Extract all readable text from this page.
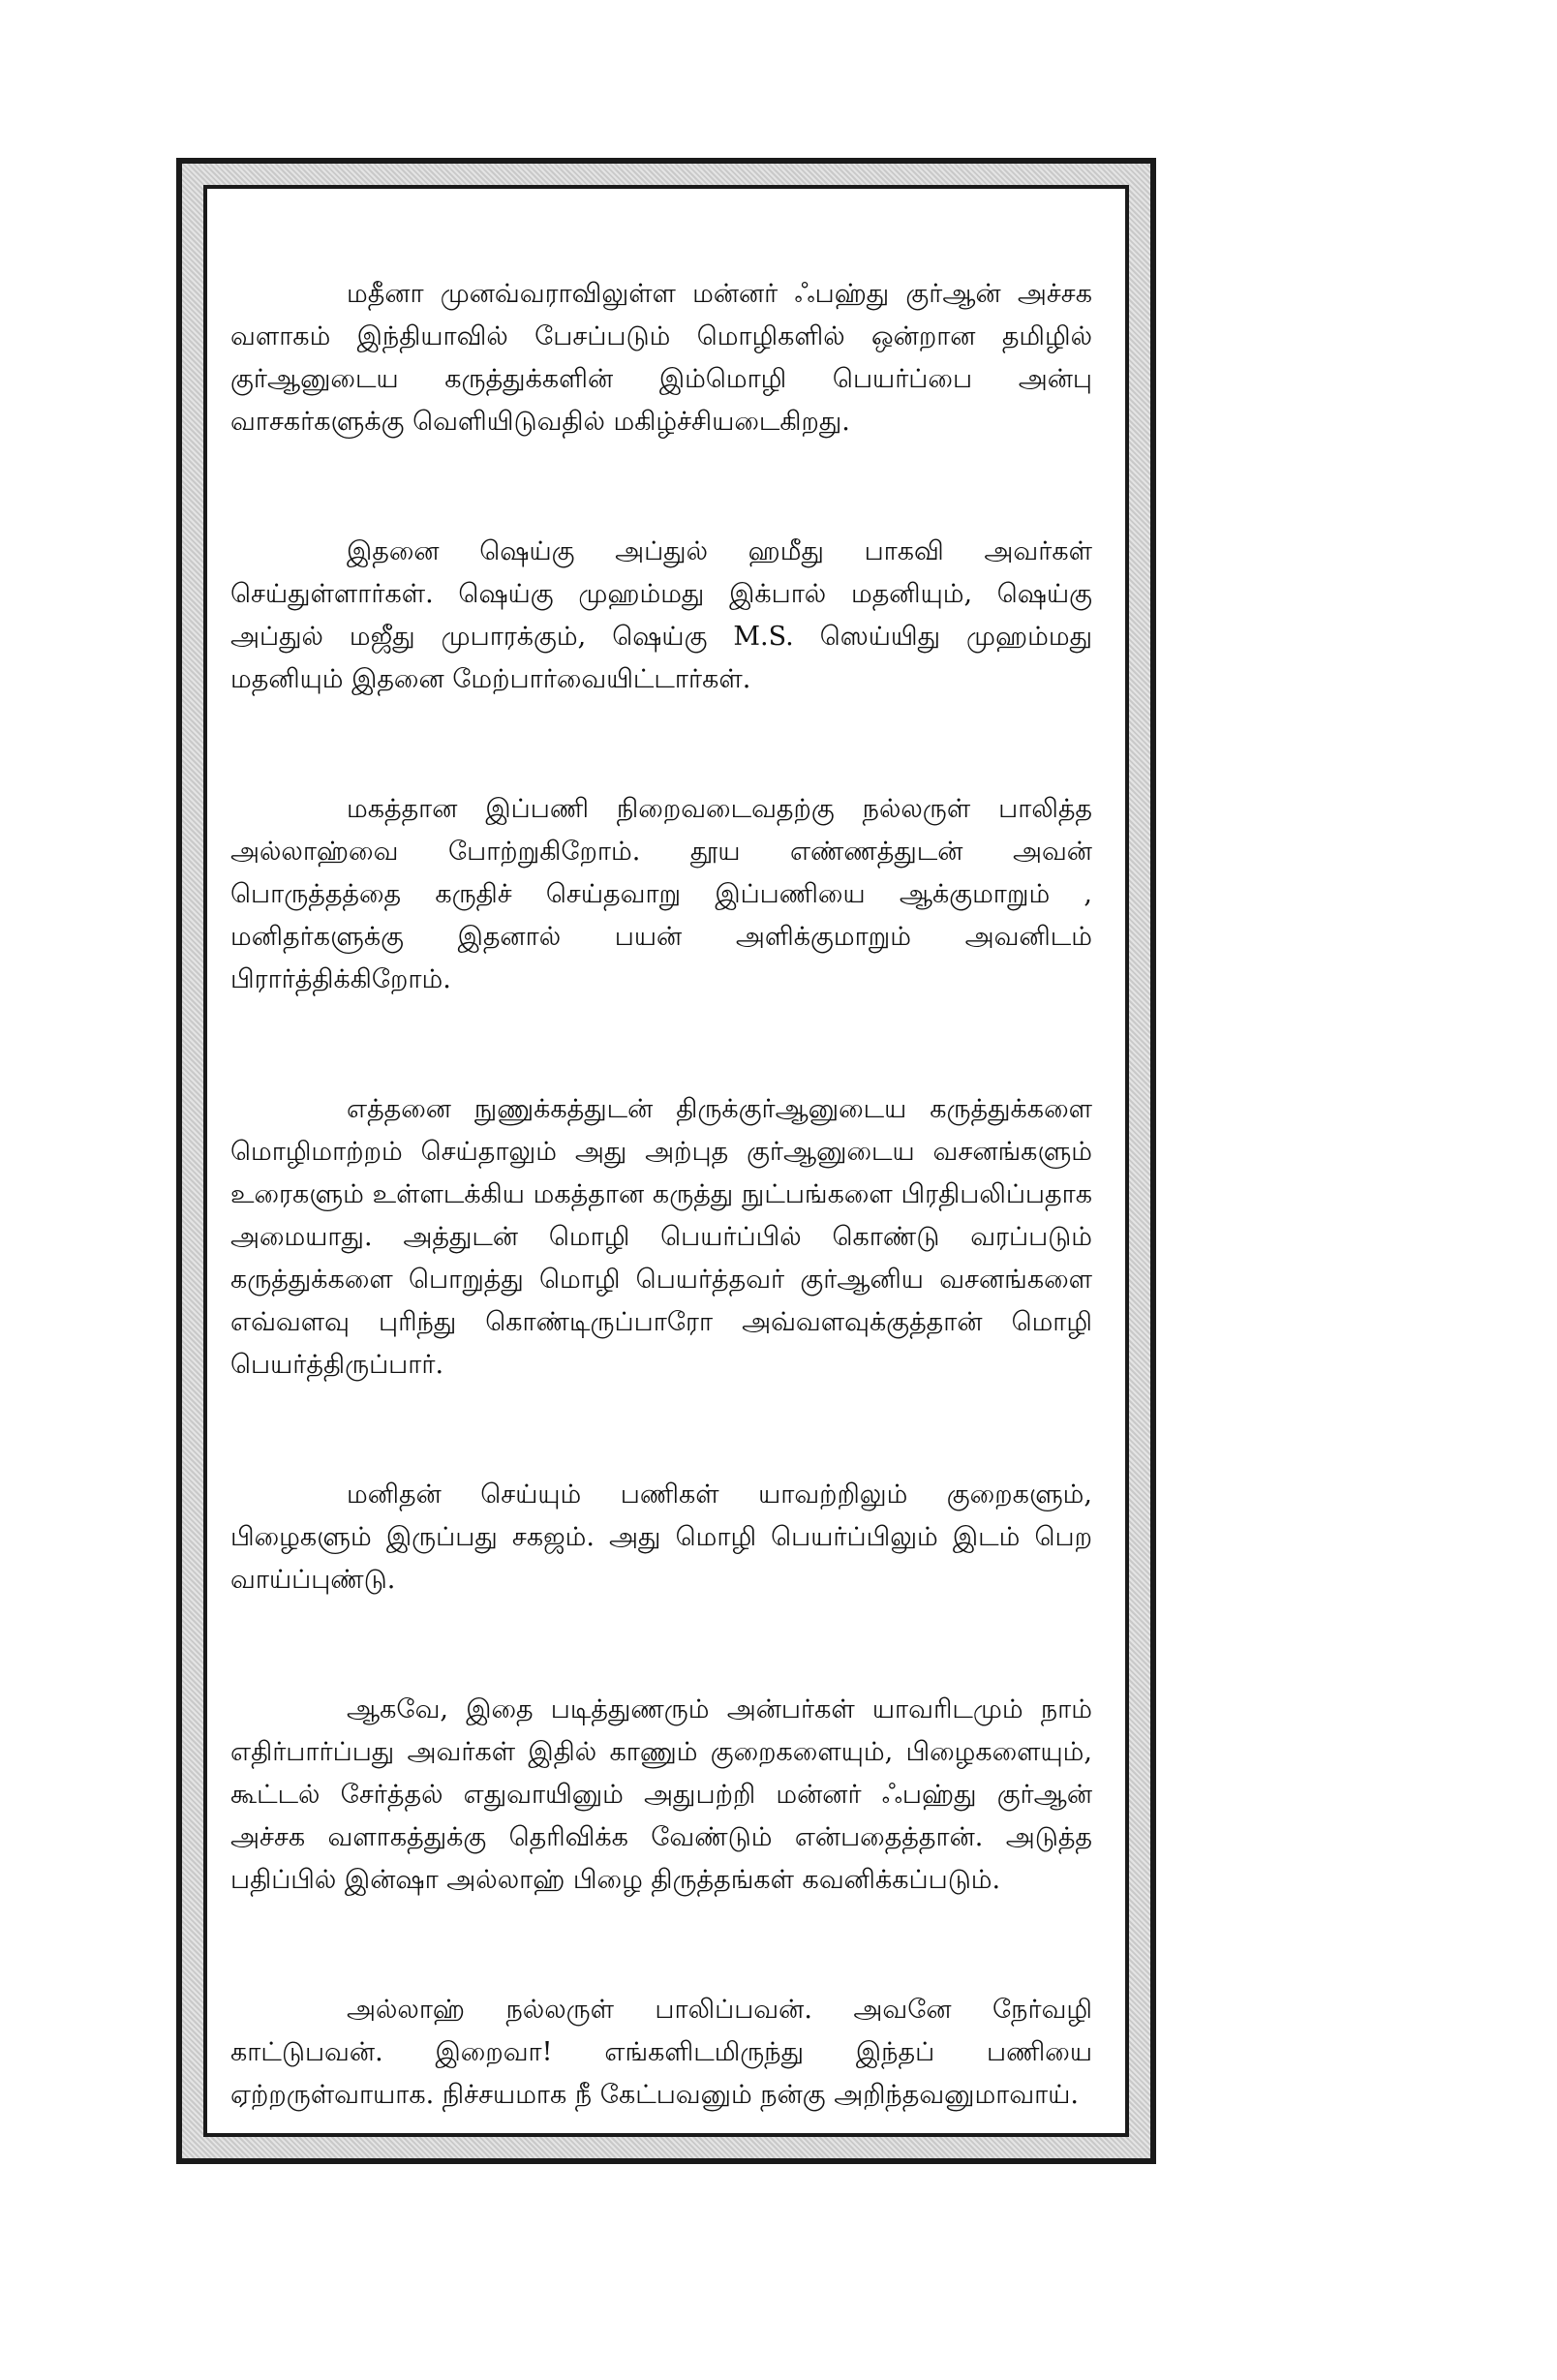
மதீனா முனவ்வராவிலுள்ள மன்னர் ஃபஹ்து குர்ஆன் அச்சக வளாகம் இந்தியாவில் பேசப்படும் மொழிகளில் ஒன்றான தமிழில் குர்ஆனுடைய கருத்துக்களின் இம்மொழி பெயர்ப்பை அன்பு வாசகர்களுக்கு வெளியிடுவதில் மகிழ்ச்சியடைகிறது.

இதனை ஷெய்கு அப்துல் ஹமீது பாகவி அவர்கள் செய்துள்ளார்கள். ஷெய்கு முஹம்மது இக்பால் மதனியும், ஷெய்கு அப்துல் மஜீது முபாரக்கும், ஷெய்கு M.S. ஸெய்யிது முஹம்மது மதனியும் இதனை மேற்பார்வையிட்டார்கள்.

மகத்தான இப்பணி நிறைவடைவதற்கு நல்லருள் பாலித்த அல்லாஹ்வை போற்றுகிறோம். தூய எண்ணத்துடன் அவன் பொருத்தத்தை கருதிச் செய்தவாறு இப்பணியை ஆக்குமாறும் , மனிதர்களுக்கு இதனால் பயன் அளிக்குமாறும் அவனிடம் பிரார்த்திக்கிறோம்.

எத்தனை நுணுக்கத்துடன் திருக்குர்ஆனுடைய கருத்துக்களை மொழிமாற்றம் செய்தாலும் அது அற்புத குர்ஆனுடைய வசனங்களும் உரைகளும் உள்ளடக்கிய மகத்தான கருத்து நுட்பங்களை பிரதிபலிப்பதாக அமையாது. அத்துடன் மொழி பெயர்ப்பில் கொண்டு வரப்படும் கருத்துக்களை பொறுத்து மொழி பெயர்த்தவர் குர்ஆனிய வசனங்களை எவ்வளவு புரிந்து கொண்டிருப்பாரோ அவ்வளவுக்குத்தான் மொழி பெயர்த்திருப்பார்.

மனிதன் செய்யும் பணிகள் யாவற்றிலும் குறைகளும், பிழைகளும் இருப்பது சகஜம். அது மொழி பெயர்ப்பிலும் இடம் பெற வாய்ப்புண்டு.

ஆகவே, இதை படித்துணரும் அன்பர்கள் யாவரிடமும் நாம் எதிர்பார்ப்பது அவர்கள் இதில் காணும் குறைகளையும், பிழைகளையும், கூட்டல் சேர்த்தல் எதுவாயினும் அதுபற்றி மன்னர் ஃபஹ்து குர்ஆன் அச்சக வளாகத்துக்கு தெரிவிக்க வேண்டும் என்பதைத்தான். அடுத்த பதிப்பில் இன்ஷா அல்லாஹ் பிழை திருத்தங்கள் கவனிக்கப்படும்.

அல்லாஹ் நல்லருள் பாலிப்பவன். அவனே நேர்வழி காட்டுபவன். இறைவா! எங்களிடமிருந்து இந்தப் பணியை ஏற்றருள்வாயாக. நிச்சயமாக நீ கேட்பவனும் நன்கு அறிந்தவனுமாவாய்.
